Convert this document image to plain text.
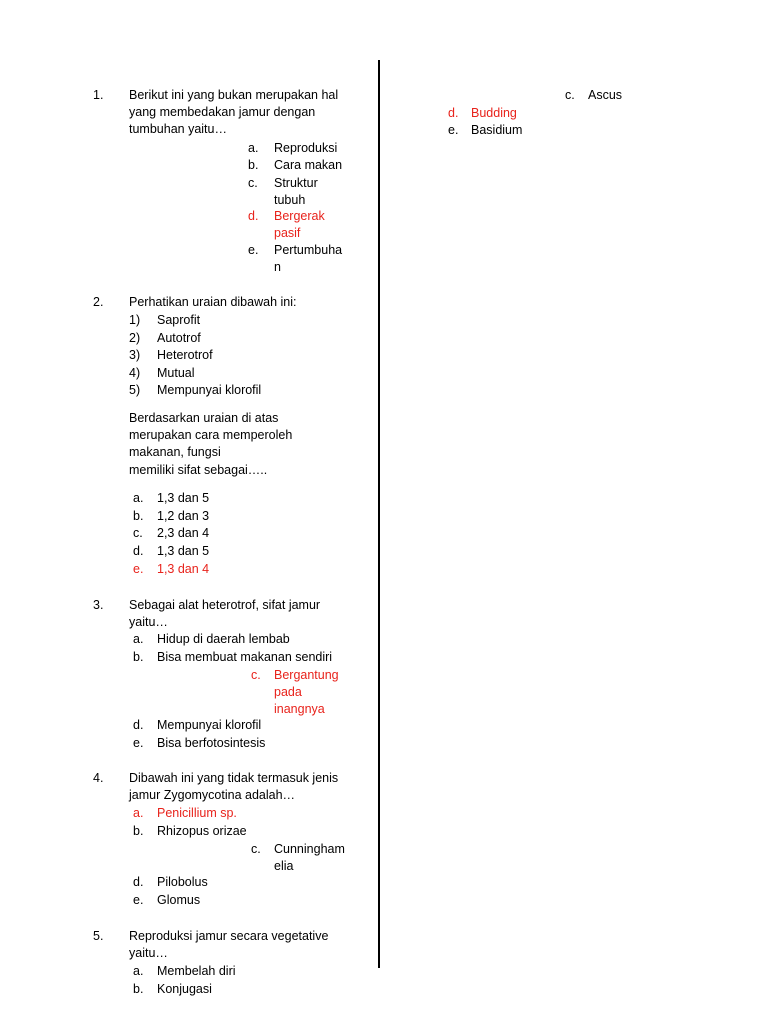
1. Berikut ini yang bukan merupakan hal yang membedakan jamur dengan tumbuhan yaitu…
a. Reproduksi
b. Cara makan
c. Struktur tubuh
d. Bergerak pasif
e. Pertumbuhan
2. Perhatikan uraian dibawah ini:
1) Saprofit
2) Autotrof
3) Heterotrof
4) Mutual
5) Mempunyai klorofil
Berdasarkan uraian di atas merupakan cara memperoleh makanan, fungsi
memiliki sifat sebagai…..
a. 1,3 dan 5
b. 1,2 dan 3
c. 2,3 dan 4
d. 1,3 dan 5
e. 1,3 dan 4
3. Sebagai alat heterotrof, sifat jamur yaitu…
a. Hidup di daerah lembab
b. Bisa membuat makanan sendiri
c. Bergantung pada inangnya
d. Mempunyai klorofil
e. Bisa berfotosintesis
4. Dibawah ini yang tidak termasuk jenis jamur Zygomycotina adalah…
a. Penicillium sp.
b. Rhizopus orizae
c. Cunninghamelia
d. Pilobolus
e. Glomus
5. Reproduksi jamur secara vegetative yaitu…
a. Membelah diri
b. Konjugasi
c. Ascus
d. Budding
e. Basidium
